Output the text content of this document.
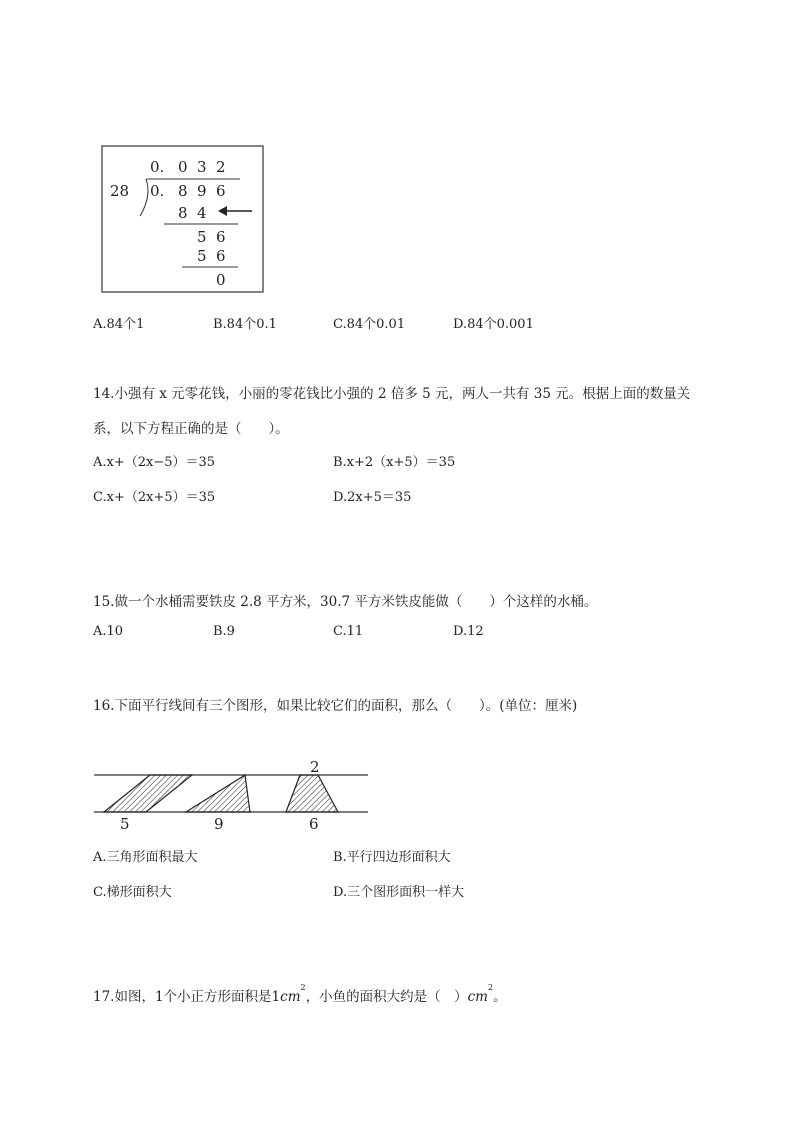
0. 0 3 2
28 0. 8 9 6
8 4
5 6
5 6
0
A.84个1	B.84个0.1	C.84个0.01	D.84个0.001
14.小强有 x 元零花钱，小丽的零花钱比小强的 2 倍多 5 元，两人一共有 35 元。根据上面的数量关
系，以下方程正确的是（　　）。
A.x+（2x−5）＝35	B.x+2（x+5）＝35
C.x+（2x+5）＝35	D.2x+5＝35
15.做一个水桶需要铁皮 2.8 平方米，30.7 平方米铁皮能做（　　）个这样的水桶。
A.10	B.9	C.11	D.12
16.下面平行线间有三个图形，如果比较它们的面积，那么（　　）。(单位：厘米)
2
5	9	6
A.三角形面积最大	B.平行四边形面积大
C.梯形面积大	D.三个图形面积一样大
17.如图，1个小正方形面积是$1cm^2$，小鱼的面积大约是（　）$cm^2$。
